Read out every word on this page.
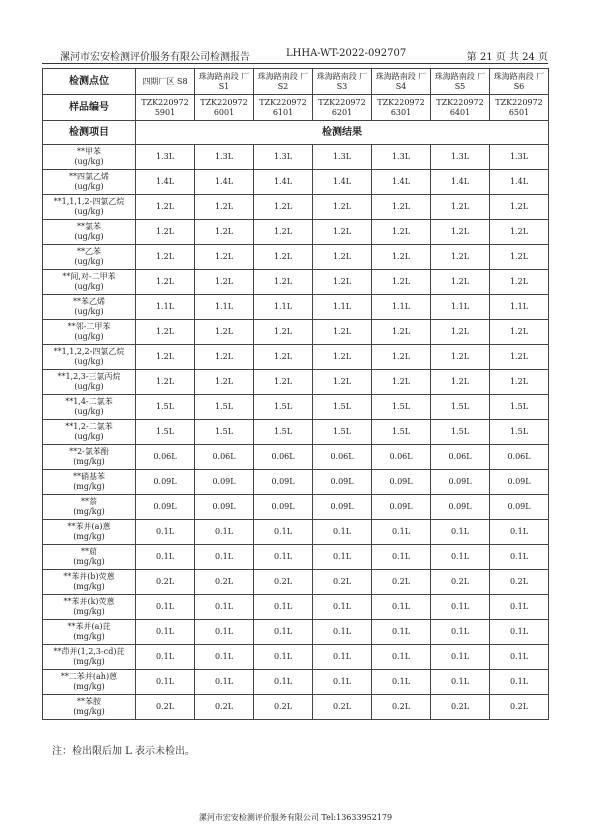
漯河市宏安检测评价服务有限公司检测报告	LHHA-WT-2022-092707	第 21 页 共 24 页
检测点位	四期厂区 S8	珠海路南段 厂 S1	珠海路南段 厂 S2	珠海路南段 厂 S3	珠海路南段 厂 S4	珠海路南段 厂 S5	珠海路南段 厂 S6
样品编号	TZK220972 5901	TZK220972 6001	TZK220972 6101	TZK220972 6201	TZK220972 6301	TZK220972 6401	TZK220972 6501
检测项目	检测结果						

**甲苯
(ug/kg)	1.3L	1.3L	1.3L	1.3L	1.3L	1.3L	1.3L

**四氯乙烯
(ug/kg)	1.4L	1.4L	1.4L	1.4L	1.4L	1.4L	1.4L

**1,1,1,2-四氯乙烷
(ug/kg)	1.2L	1.2L	1.2L	1.2L	1.2L	1.2L	1.2L

**氯苯
(ug/kg)	1.2L	1.2L	1.2L	1.2L	1.2L	1.2L	1.2L

**乙苯
(ug/kg)	1.2L	1.2L	1.2L	1.2L	1.2L	1.2L	1.2L

**间,对-二甲苯
(ug/kg)	1.2L	1.2L	1.2L	1.2L	1.2L	1.2L	1.2L

**苯乙烯
(ug/kg)	1.1L	1.1L	1.1L	1.1L	1.1L	1.1L	1.1L

**邻-二甲苯
(ug/kg)	1.2L	1.2L	1.2L	1.2L	1.2L	1.2L	1.2L

**1,1,2,2-四氯乙烷
(ug/kg)	1.2L	1.2L	1.2L	1.2L	1.2L	1.2L	1.2L

**1,2,3-三氯丙烷
(ug/kg)	1.2L	1.2L	1.2L	1.2L	1.2L	1.2L	1.2L

**1,4-二氯苯
(ug/kg)	1.5L	1.5L	1.5L	1.5L	1.5L	1.5L	1.5L

**1,2-二氯苯
(ug/kg)	1.5L	1.5L	1.5L	1.5L	1.5L	1.5L	1.5L

**2-氯苯酚
(mg/kg)	0.06L	0.06L	0.06L	0.06L	0.06L	0.06L	0.06L

**硝基苯
(mg/kg)	0.09L	0.09L	0.09L	0.09L	0.09L	0.09L	0.09L

**萘
(mg/kg)	0.09L	0.09L	0.09L	0.09L	0.09L	0.09L	0.09L

**苯并(a)蒽
(mg/kg)	0.1L	0.1L	0.1L	0.1L	0.1L	0.1L	0.1L

**䓛
(mg/kg)	0.1L	0.1L	0.1L	0.1L	0.1L	0.1L	0.1L

**苯并(b)荧蒽
(mg/kg)	0.2L	0.2L	0.2L	0.2L	0.2L	0.2L	0.2L

**苯并(k)荧蒽
(mg/kg)	0.1L	0.1L	0.1L	0.1L	0.1L	0.1L	0.1L

**苯并(a)芘
(mg/kg)	0.1L	0.1L	0.1L	0.1L	0.1L	0.1L	0.1L

**茚并(1,2,3-cd)芘
(mg/kg)	0.1L	0.1L	0.1L	0.1L	0.1L	0.1L	0.1L

**二苯并(ah)蒽
(mg/kg)	0.1L	0.1L	0.1L	0.1L	0.1L	0.1L	0.1L

**苯胺
(mg/kg)	0.2L	0.2L	0.2L	0.2L	0.2L	0.2L	0.2L
注：检出限后加 L 表示未检出。
漯河市宏安检测评价服务有限公司 Tel:13633952179
